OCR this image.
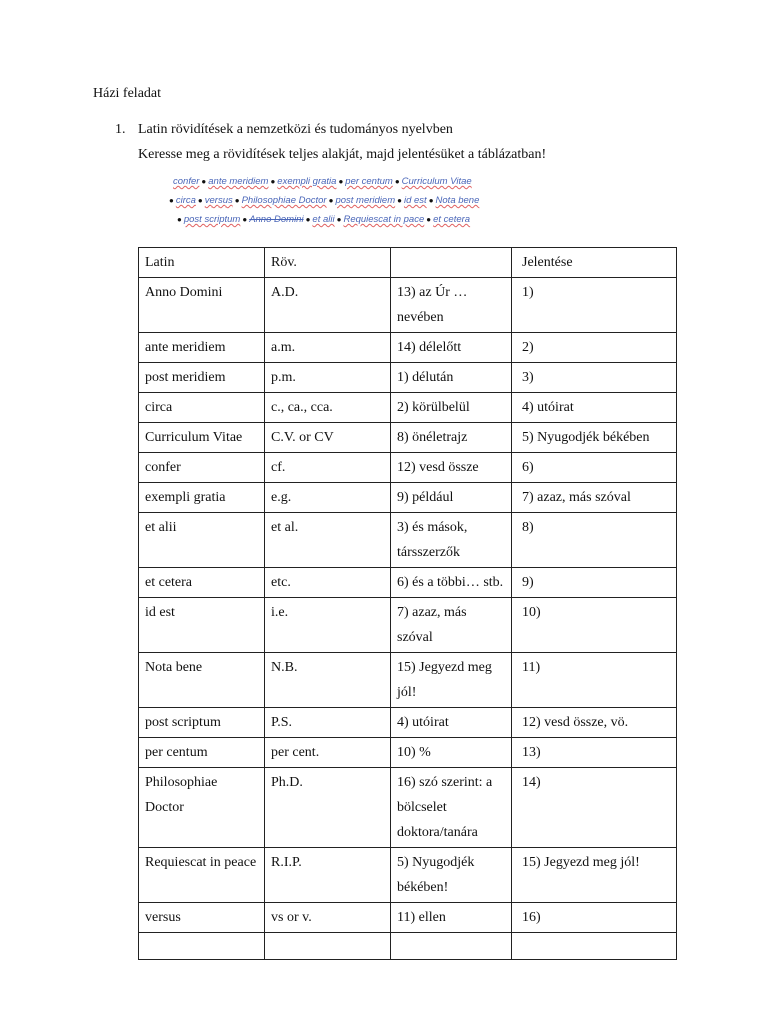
Házi feladat
1. Latin rövidítések a nemzetközi és tudományos nyelvben
Keresse meg a rövidítések teljes alakját, majd jelentésüket a táblázatban!
confer ● ante meridiem ● exempli gratia ● per centum ● Curriculum Vitae
● circa ● versus ● Philosophiae Doctor ● post meridiem ● id est ● Nota bene
● post scriptum ● Anno Domini ● et alii ● Requiescat in pace ● et cetera
Latin	Röv.		Jelentése
Anno Domini	A.D.	13) az Úr … nevében	1)
ante meridiem	a.m.	14) délelőtt	2)
post meridiem	p.m.	1) délután	3)
circa	c., ca., cca.	2) körülbelül	4) utóirat
Curriculum Vitae	C.V. or CV	8) önéletrajz	5) Nyugodjék békében
confer	cf.	12) vesd össze	6)
exempli gratia	e.g.	9) például	7) azaz, más szóval
et alii	et al.	3) és mások, társszerzők	8)
et cetera	etc.	6) és a többi… stb.	9)
id est	i.e.	7) azaz, más szóval	10)
Nota bene	N.B.	15) Jegyezd meg jól!	11)
post scriptum	P.S.	4) utóirat	12) vesd össze, vö.
per centum	per cent.	10) %	13)
Philosophiae Doctor	Ph.D.	16) szó szerint: a bölcselet doktora/tanára	14)
Requiescat in peace	R.I.P.	5) Nyugodjék békében!	15) Jegyezd meg jól!
versus	vs or v.	11) ellen	16)
